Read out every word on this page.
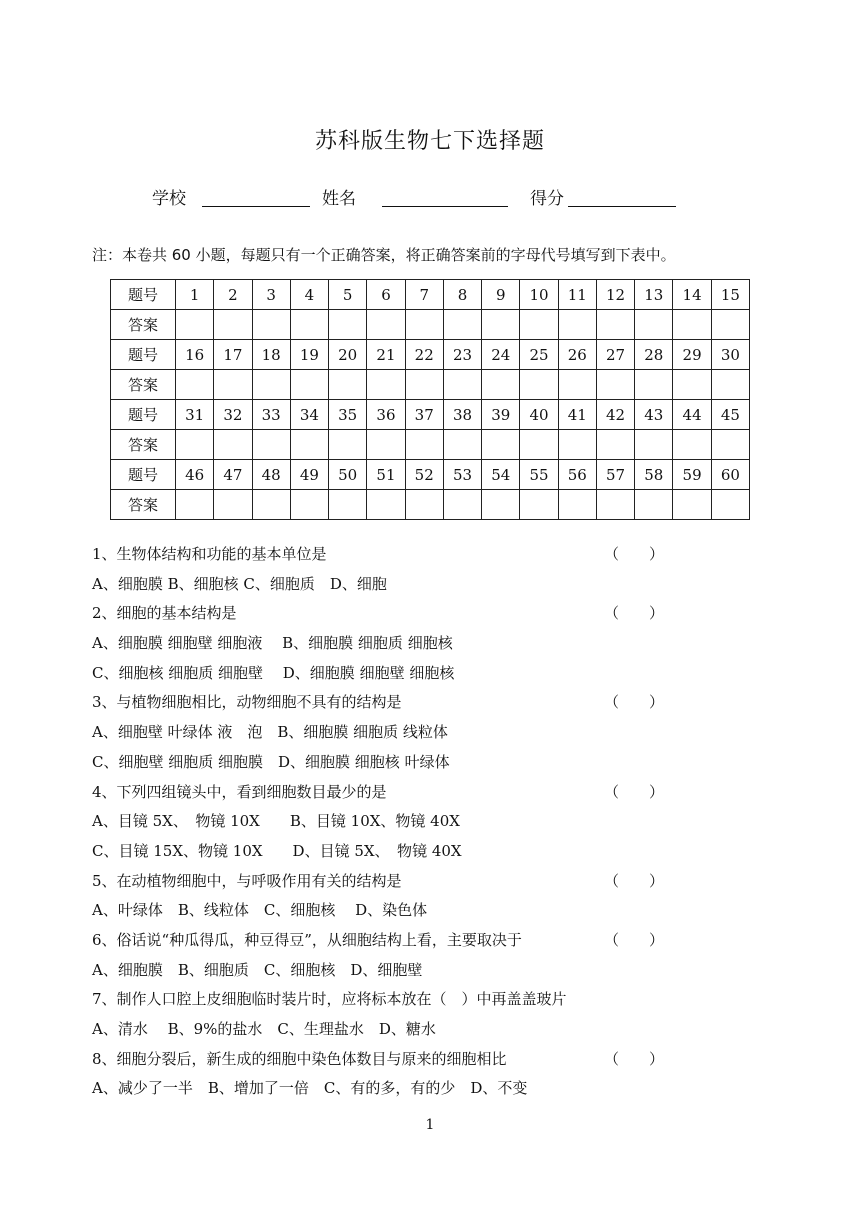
苏科版生物七下选择题
学校	姓名	得分
注：本卷共 60 小题，每题只有一个正确答案，将正确答案前的字母代号填写到下表中。
题号	1	2	3	4	5	6	7	8	9	10	11	12	13	14	15
答案															
题号	16	17	18	19	20	21	22	23	24	25	26	27	28	29	30
答案															
题号	31	32	33	34	35	36	37	38	39	40	41	42	43	44	45
答案															
题号	46	47	48	49	50	51	52	53	54	55	56	57	58	59	60
答案															
1、生物体结构和功能的基本单位是	（　　）
A、细胞膜 B、细胞核 C、细胞质　D、细胞
2、细胞的基本结构是	（　　）
A、细胞膜 细胞壁 细胞液　 B、细胞膜 细胞质 细胞核
C、细胞核 细胞质 细胞壁　 D、细胞膜 细胞壁 细胞核
3、与植物细胞相比，动物细胞不具有的结构是	（　　）
A、细胞壁 叶绿体 液　泡　B、细胞膜 细胞质 线粒体
C、细胞壁 细胞质 细胞膜　D、细胞膜 细胞核 叶绿体
4、下列四组镜头中，看到细胞数目最少的是	（　　）
A、目镜 5X、　物镜 10X　　B、目镜 10X、物镜 40X
C、目镜 15X、物镜 10X　　D、目镜 5X、　物镜 40X
5、在动植物细胞中，与呼吸作用有关的结构是	（　　）
A、叶绿体　B、线粒体　C、细胞核　 D、染色体
6、俗话说“种瓜得瓜，种豆得豆”，从细胞结构上看，主要取决于	（　　）
A、细胞膜　B、细胞质　C、细胞核　D、细胞壁
7、制作人口腔上皮细胞临时装片时，应将标本放在（　）中再盖盖玻片
A、清水　 B、9%的盐水　C、生理盐水　D、糖水
8、细胞分裂后，新生成的细胞中染色体数目与原来的细胞相比	（　　）
A、减少了一半　B、增加了一倍　C、有的多，有的少　D、不变
1
